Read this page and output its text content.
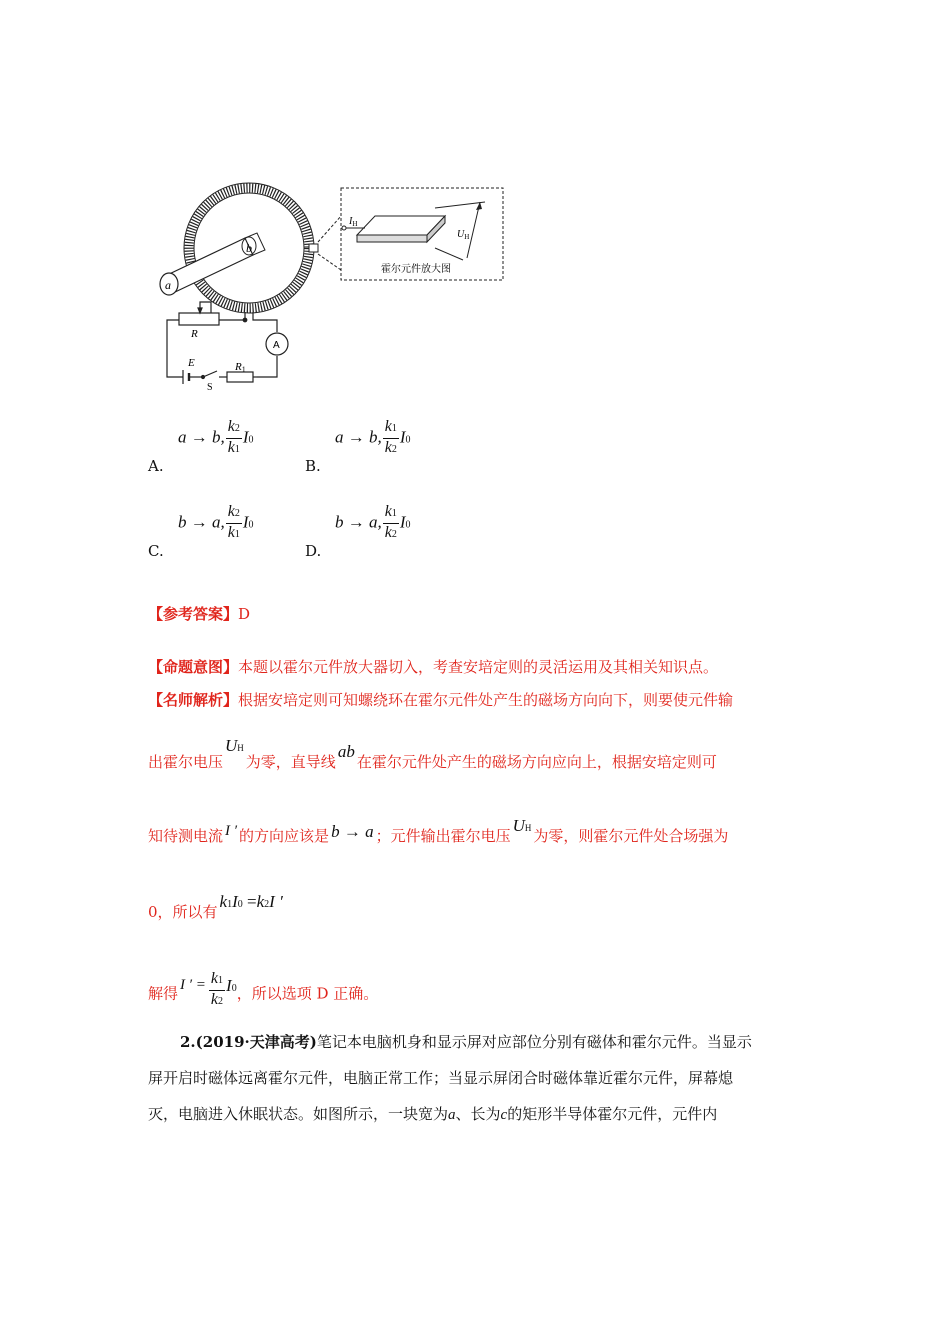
a
b
$I_H$
$U_H$
霍尔元件放大图
R
E
S
R1
A
A.
a → b, $\frac{k2}{k1} I0$
B.
a → b, $\frac{k1}{k2} I0$
C.
b → a, $\frac{k2}{k1} I0$
D.
b → a, $\frac{k1}{k2} I0$
【参考答案】D
【命题意图】本题以霍尔元件放大器切入，考查安培定则的灵活运用及其相关知识点。
【名师解析】根据安培定则可知螺绕环在霍尔元件处产生的磁场方向向下，则要使元件输
出霍尔电压UH为零，直导线ab在霍尔元件处产生的磁场方向应向上，根据安培定则可
知待测电流 I ′ 的方向应该是 b → a ；元件输出霍尔电压UH 为零，则霍尔元件处合场强为
0，所以有k1I0 =k2I ′
解得 I ′ = $\frac{k1}{k2} I0$，所以选项 D 正确。
2.(2019·天津高考)笔记本电脑机身和显示屏对应部位分别有磁体和霍尔元件。当显示
屏开启时磁体远离霍尔元件，电脑正常工作；当显示屏闭合时磁体靠近霍尔元件，屏幕熄
灭，电脑进入休眠状态。如图所示，一块宽为a、长为c的矩形半导体霍尔元件，元件内
